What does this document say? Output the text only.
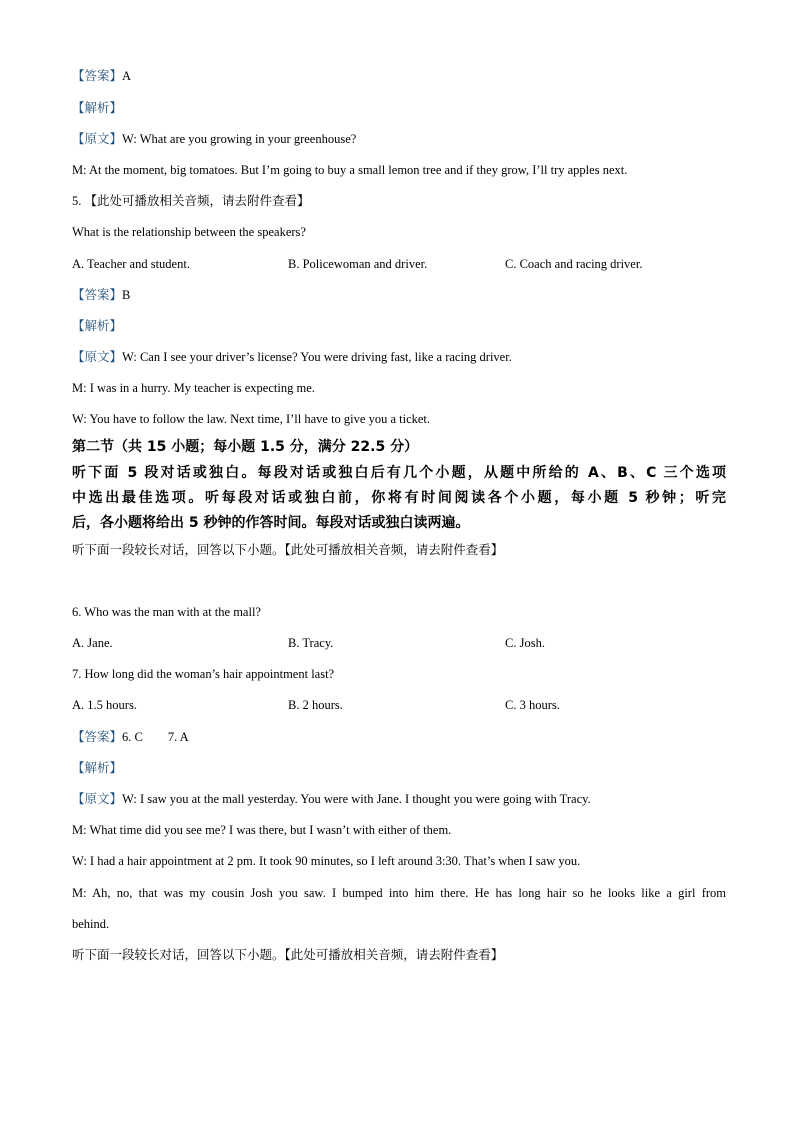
【答案】A
【解析】
【原文】W: What are you growing in your greenhouse?
M: At the moment, big tomatoes. But I’m going to buy a small lemon tree and if they grow, I’ll try apples next.
5. 【此处可播放相关音频，请去附件查看】
What is the relationship between the speakers?
A. Teacher and student.	B. Policewoman and driver.	C. Coach and racing driver.
【答案】B
【解析】
【原文】W: Can I see your driver’s license? You were driving fast, like a racing driver.
M: I was in a hurry. My teacher is expecting me.
W: You have to follow the law. Next time, I’ll have to give you a ticket.
第二节（共 15 小题；每小题 1.5 分，满分 22.5 分）
听下面 5 段对话或独白。每段对话或独白后有几个小题，从题中所给的 A、B、C 三个选项
中选出最佳选项。听每段对话或独白前，你将有时间阅读各个小题，每小题 5 秒钟；听完
后，各小题将给出 5 秒钟的作答时间。每段对话或独白读两遍。
听下面一段较长对话，回答以下小题。【此处可播放相关音频，请去附件查看】
6. Who was the man with at the mall?
A. Jane.	B. Tracy.	C. Josh.
7. How long did the woman’s hair appointment last?
A. 1.5 hours.	B. 2 hours.	C. 3 hours.
【答案】6. C        7. A
【解析】
【原文】W: I saw you at the mall yesterday. You were with Jane. I thought you were going with Tracy.
M: What time did you see me? I was there, but I wasn’t with either of them.
W: I had a hair appointment at 2 pm. It took 90 minutes, so I left around 3:30. That’s when I saw you.
M: Ah, no, that was my cousin Josh you saw. I bumped into him there. He has long hair so he looks like a girl from
behind.
听下面一段较长对话，回答以下小题。【此处可播放相关音频，请去附件查看】
